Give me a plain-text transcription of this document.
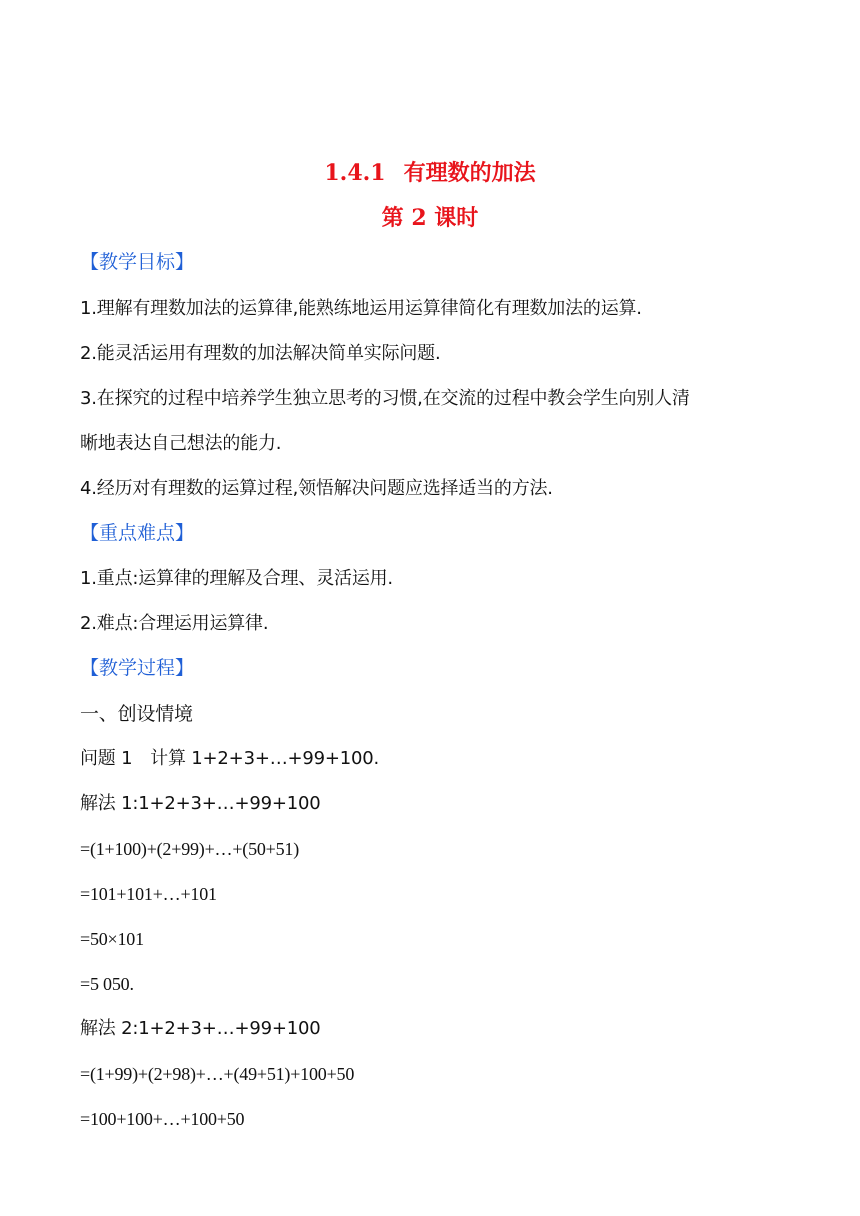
1.4.1 有理数的加法
第 2 课时
【教学目标】
1.理解有理数加法的运算律,能熟练地运用运算律简化有理数加法的运算.
2.能灵活运用有理数的加法解决简单实际问题.
3.在探究的过程中培养学生独立思考的习惯,在交流的过程中教会学生向别人清
晰地表达自己想法的能力.
4.经历对有理数的运算过程,领悟解决问题应选择适当的方法.
【重点难点】
1.重点:运算律的理解及合理、灵活运用.
2.难点:合理运用运算律.
【教学过程】
一、创设情境
问题 1　计算 1+2+3+…+99+100.
解法 1:1+2+3+…+99+100
=(1+100)+(2+99)+…+(50+51)
=101+101+…+101
=50×101
=5 050.
解法 2:1+2+3+…+99+100
=(1+99)+(2+98)+…+(49+51)+100+50
=100+100+…+100+50
